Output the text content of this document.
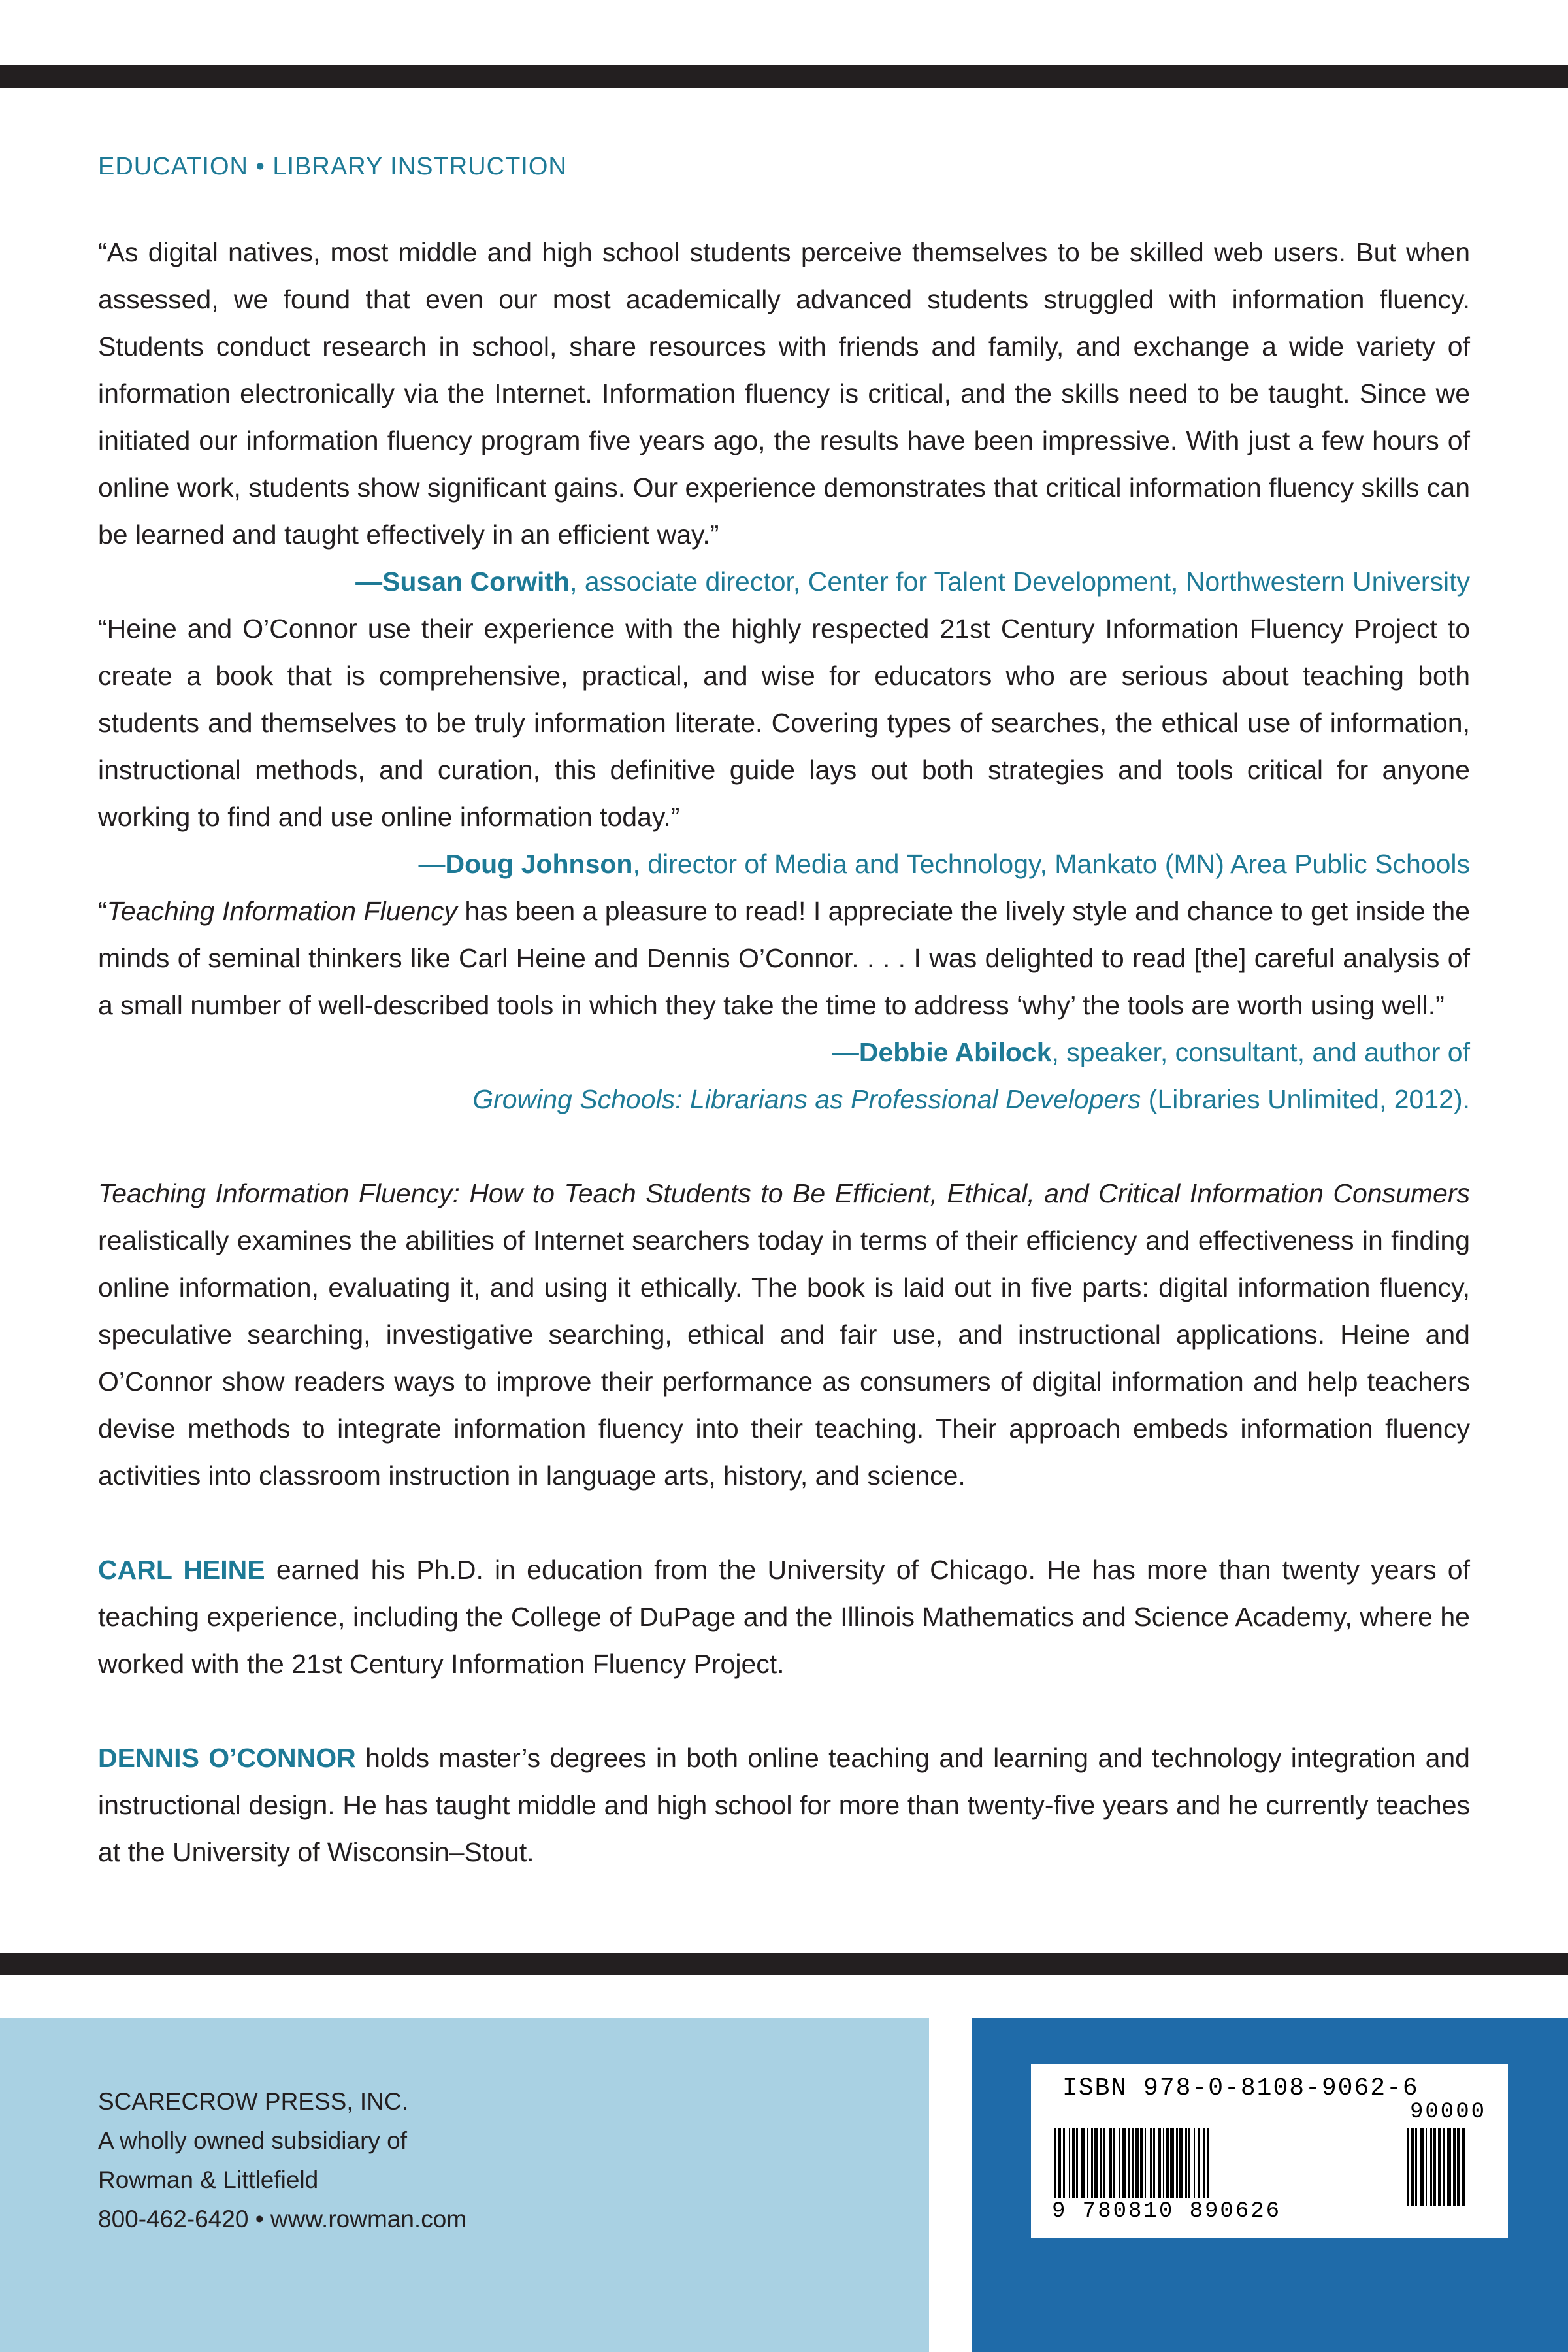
EDUCATION • LIBRARY INSTRUCTION

“As digital natives, most middle and high school students perceive themselves to be skilled web users. But when assessed, we found that even our most academically advanced students struggled with information fluency. Students conduct research in school, share resources with friends and family, and exchange a wide variety of information electronically via the Internet. Information fluency is critical, and the skills need to be taught. Since we initiated our information fluency program five years ago, the results have been impressive. With just a few hours of online work, students show significant gains. Our experience demonstrates that critical information fluency skills can be learned and taught effectively in an efficient way.”
—Susan Corwith, associate director, Center for Talent Development, Northwestern University

“Heine and O’Connor use their experience with the highly respected 21st Century Information Fluency Project to create a book that is comprehensive, practical, and wise for educators who are serious about teaching both students and themselves to be truly information literate. Covering types of searches, the ethical use of information, instructional methods, and curation, this definitive guide lays out both strategies and tools critical for anyone working to find and use online information today.”
—Doug Johnson, director of Media and Technology, Mankato (MN) Area Public Schools

“Teaching Information Fluency has been a pleasure to read! I appreciate the lively style and chance to get inside the minds of seminal thinkers like Carl Heine and Dennis O’Connor. . . . I was delighted to read [the] careful analysis of a small number of well-described tools in which they take the time to address ‘why’ the tools are worth using well.”

—Debbie Abilock, speaker, consultant, and author of
Growing Schools: Librarians as Professional Developers (Libraries Unlimited, 2012).
Teaching Information Fluency: How to Teach Students to Be Efficient, Ethical, and Critical Information Consumers realistically examines the abilities of Internet searchers today in terms of their efficiency and effectiveness in finding online information, evaluating it, and using it ethically. The book is laid out in five parts: digital information fluency, speculative searching, investigative searching, ethical and fair use, and instructional applications. Heine and O’Connor show readers ways to improve their performance as consumers of digital information and help teachers devise methods to integrate information fluency into their teaching. Their approach embeds information fluency activities into classroom instruction in language arts, history, and science.
CARL HEINE earned his Ph.D. in education from the University of Chicago. He has more than twenty years of teaching experience, including the College of DuPage and the Illinois Mathematics and Science Academy, where he worked with the 21st Century Information Fluency Project.
DENNIS O’CONNOR holds master’s degrees in both online teaching and learning and technology integration and instructional design. He has taught middle and high school for more than twenty-five years and he currently teaches at the University of Wisconsin–Stout.
SCARECROW PRESS, INC.
A wholly owned subsidiary of
Rowman & Littlefield
800-462-6420 • www.rowman.com
ISBN 978-0-8108-9062-6
90000
9 780810 890626
